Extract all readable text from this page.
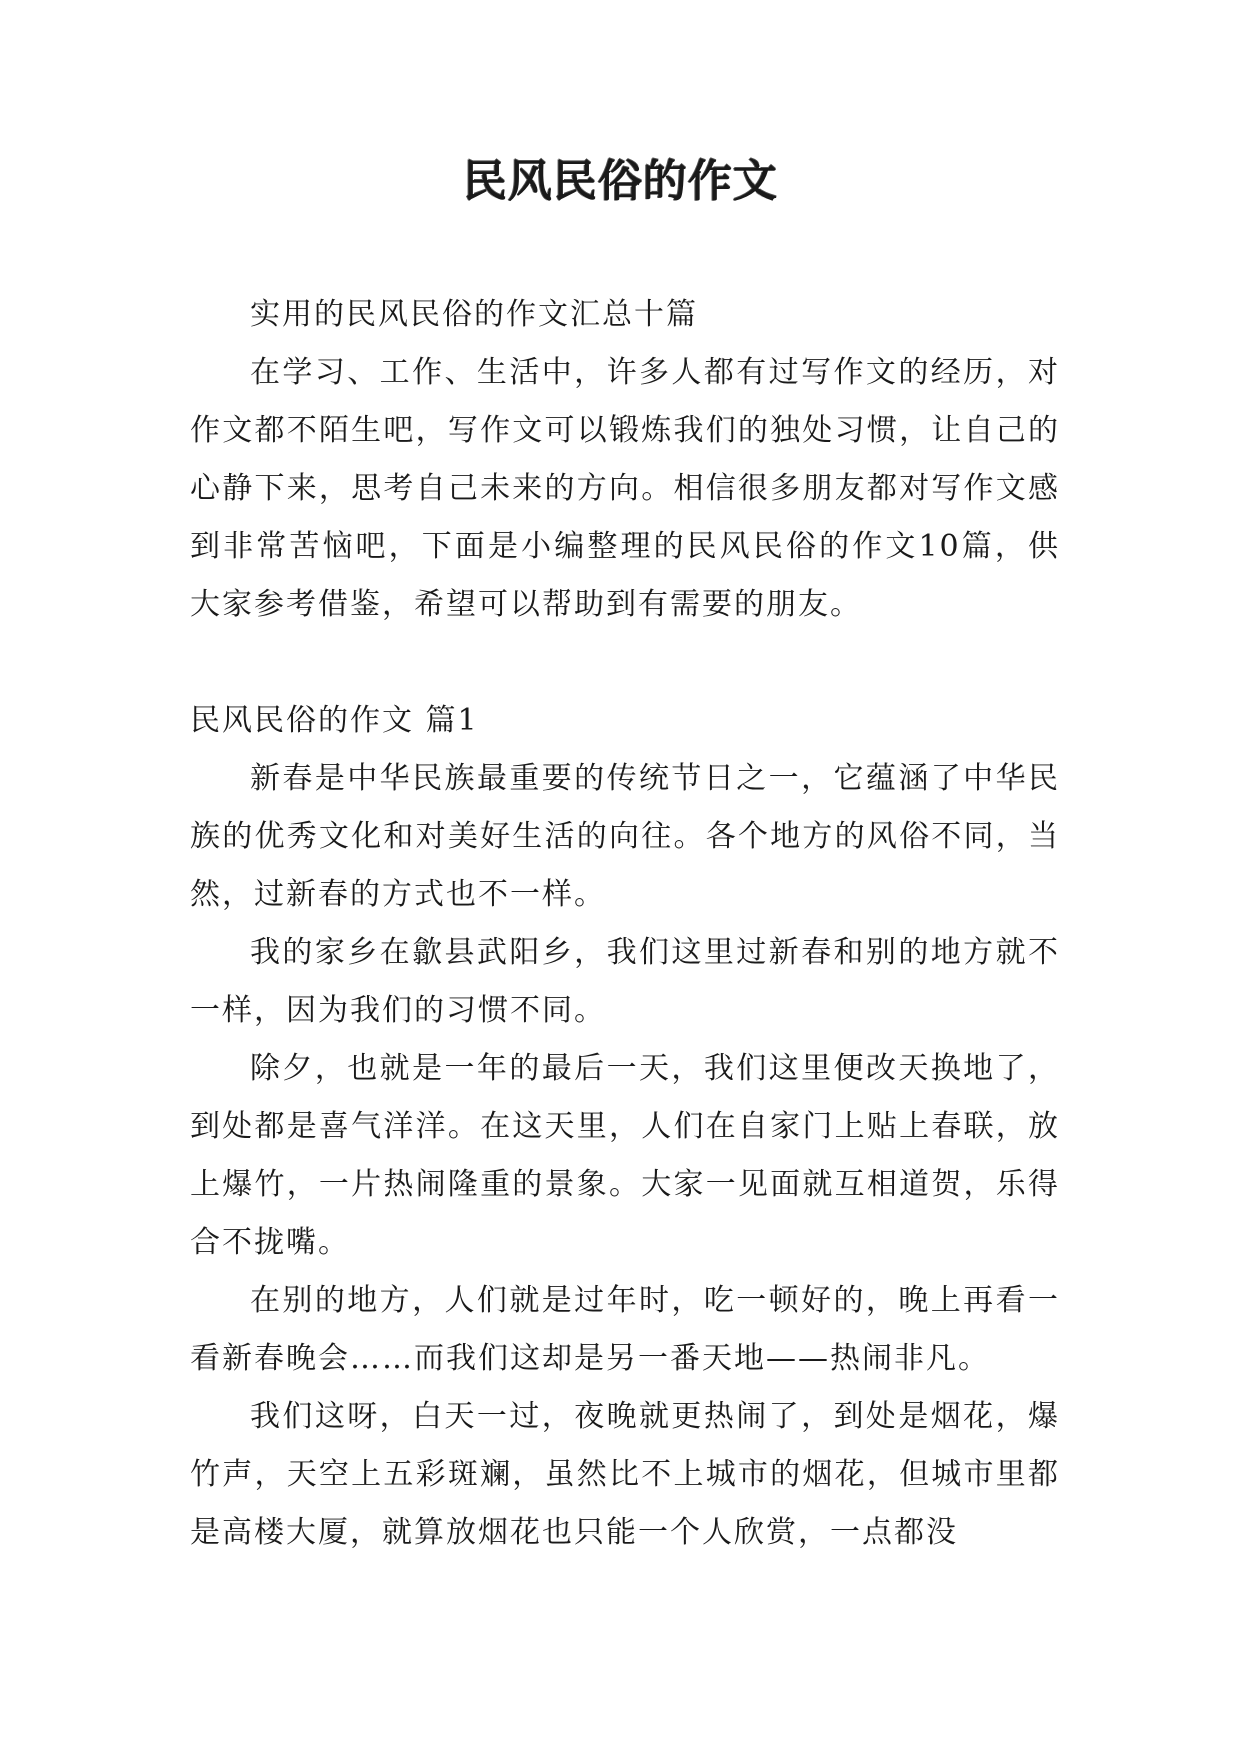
民风民俗的作文

实用的民风民俗的作文汇总十篇

在学习、工作、生活中，许多人都有过写作文的经历，对作文都不陌生吧，写作文可以锻炼我们的独处习惯，让自己的心静下来，思考自己未来的方向。相信很多朋友都对写作文感到非常苦恼吧，下面是小编整理的民风民俗的作文10篇，供大家参考借鉴，希望可以帮助到有需要的朋友。

民风民俗的作文 篇1

新春是中华民族最重要的传统节日之一，它蕴涵了中华民族的优秀文化和对美好生活的向往。各个地方的风俗不同，当然，过新春的方式也不一样。

我的家乡在歙县武阳乡，我们这里过新春和别的地方就不一样，因为我们的习惯不同。

除夕，也就是一年的最后一天，我们这里便改天换地了，到处都是喜气洋洋。在这天里，人们在自家门上贴上春联，放上爆竹，一片热闹隆重的景象。大家一见面就互相道贺，乐得合不拢嘴。

在别的地方，人们就是过年时，吃一顿好的，晚上再看一看新春晚会……而我们这却是另一番天地——热闹非凡。

我们这呀，白天一过，夜晚就更热闹了，到处是烟花，爆竹声，天空上五彩斑斓，虽然比不上城市的烟花，但城市里都是高楼大厦，就算放烟花也只能一个人欣赏，一点都没
